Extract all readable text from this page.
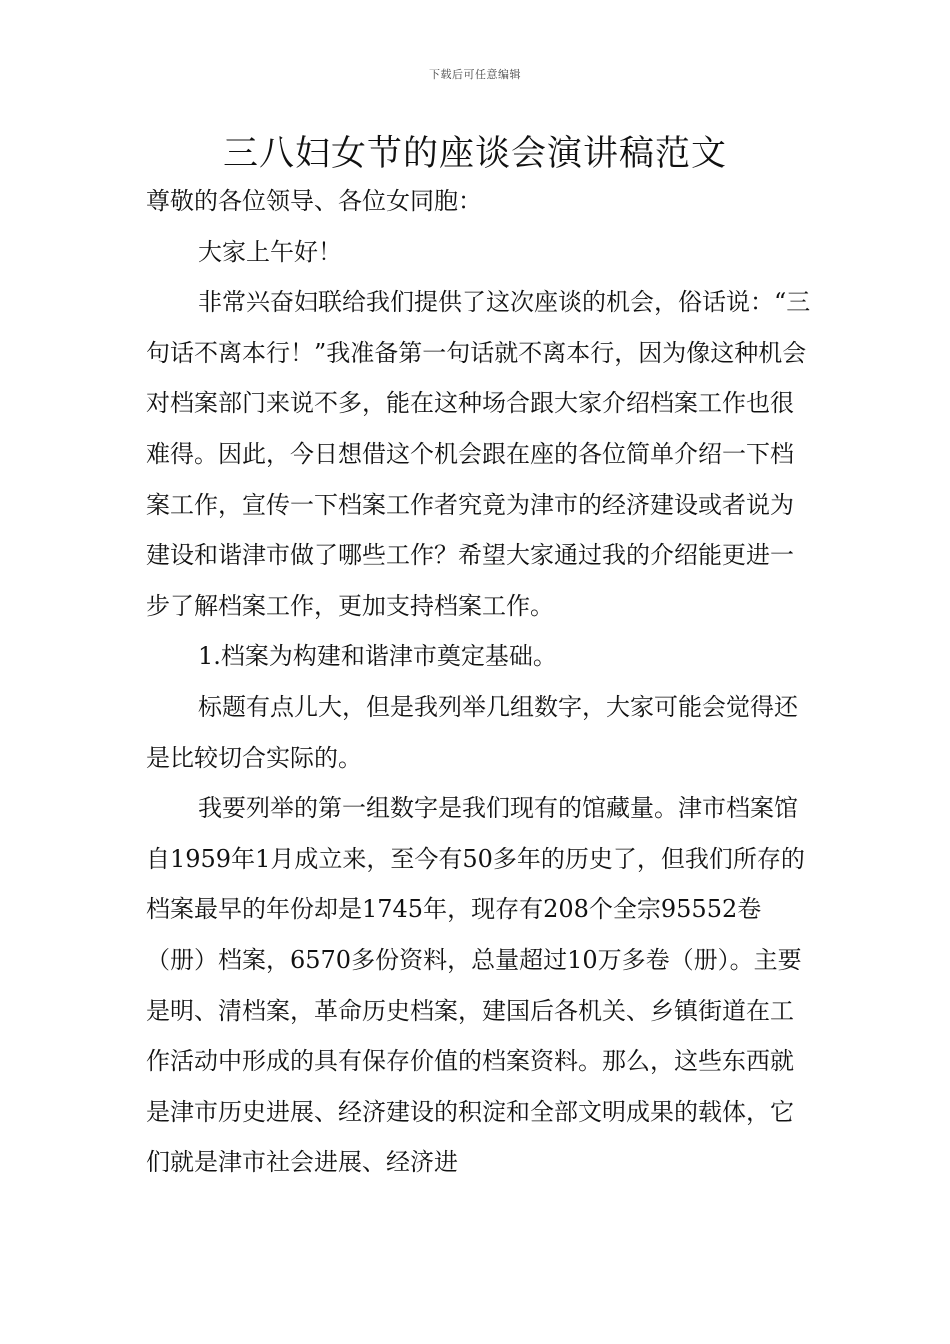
下载后可任意编辑
三八妇女节的座谈会演讲稿范文

尊敬的各位领导、各位女同胞：

大家上午好！

非常兴奋妇联给我们提供了这次座谈的机会，俗话说：“三句话不离本行！”我准备第一句话就不离本行，因为像这种机会对档案部门来说不多，能在这种场合跟大家介绍档案工作也很难得。因此，今日想借这个机会跟在座的各位简单介绍一下档案工作，宣传一下档案工作者究竟为津市的经济建设或者说为建设和谐津市做了哪些工作？希望大家通过我的介绍能更进一步了解档案工作，更加支持档案工作。

1.档案为构建和谐津市奠定基础。

标题有点儿大，但是我列举几组数字，大家可能会觉得还是比较切合实际的。

我要列举的第一组数字是我们现有的馆藏量。津市档案馆自1959年1月成立来，至今有50多年的历史了，但我们所存的档案最早的年份却是1745年，现存有208个全宗95552卷（册）档案，6570多份资料，总量超过10万多卷（册）。主要是明、清档案，革命历史档案，建国后各机关、乡镇街道在工作活动中形成的具有保存价值的档案资料。那么，这些东西就是津市历史进展、经济建设的积淀和全部文明成果的载体，它们就是津市社会进展、经济进
